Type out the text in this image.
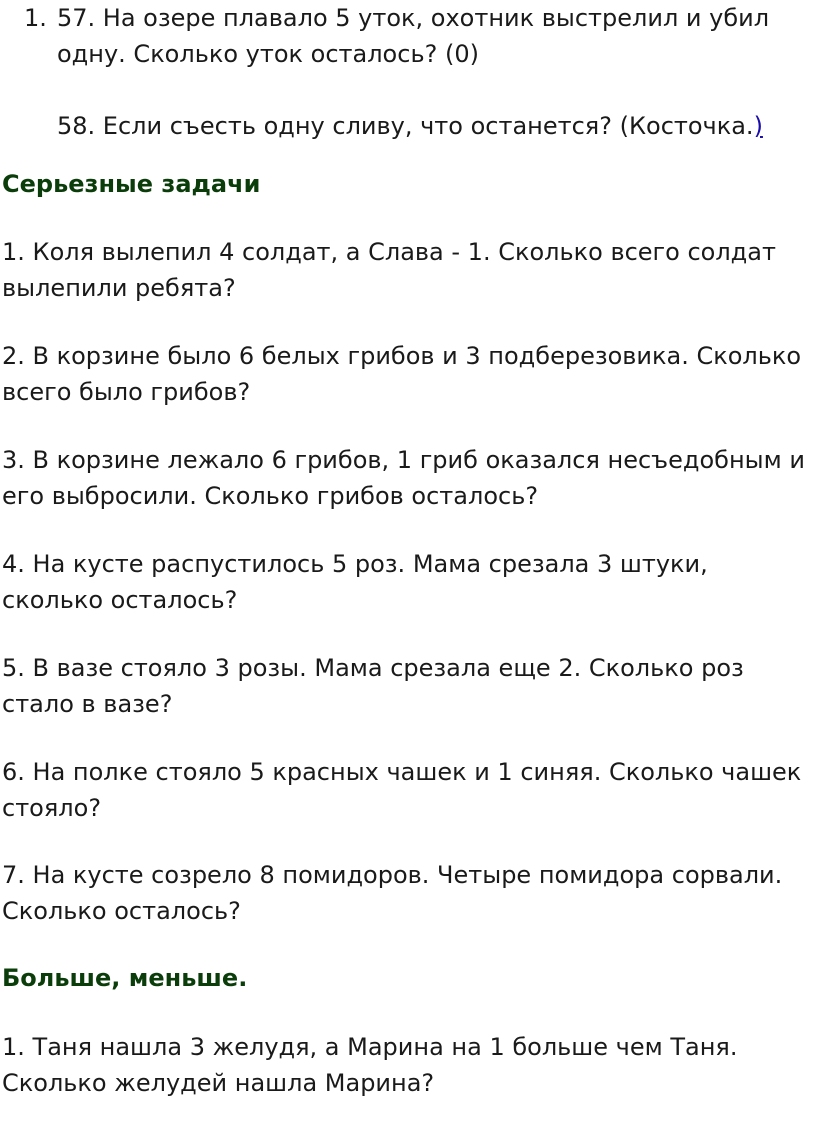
1. 57. На озере плавало 5 уток, охотник выстрелил и убил одну. Сколько уток осталось? (0)

58. Если съесть одну сливу, что останется? (Косточка.)

Серьезные задачи

1. Коля вылепил 4 солдат, а Слава - 1. Сколько всего солдат вылепили ребята?

2. В корзине было 6 белых грибов и 3 подберезовика. Сколько всего было грибов?

3. В корзине лежало 6 грибов, 1 гриб оказался несъедобным и его выбросили. Сколько грибов осталось?

4. На кусте распустилось 5 роз. Мама срезала 3 штуки, сколько осталось?

5. В вазе стояло 3 розы. Мама срезала еще 2. Сколько роз стало в вазе?

6. На полке стояло 5 красных чашек и 1 синяя. Сколько чашек стояло?

7. На кусте созрело 8 помидоров. Четыре помидора сорвали. Сколько осталось?

Больше, меньше.

1. Таня нашла 3 желудя, а Марина на 1 больше чем Таня. Сколько желудей нашла Марина?
